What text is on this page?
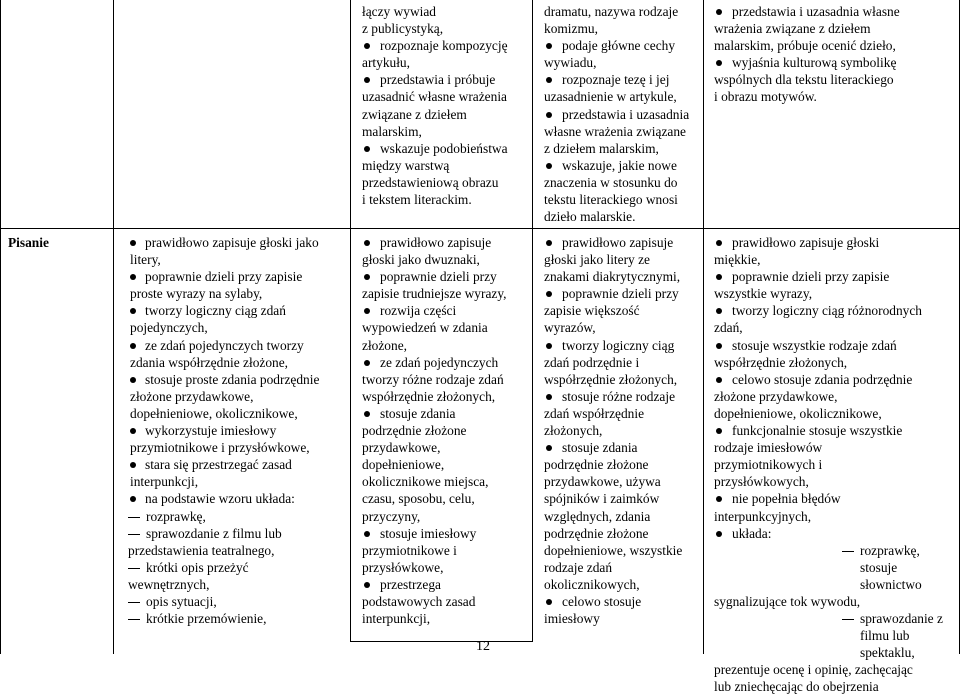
łączy wywiad
z publicystyką,
rozpoznaje kompozycję
artykułu,
przedstawia i próbuje
uzasadnić własne wrażenia
związane z dziełem
malarskim,
wskazuje podobieństwa
między warstwą
przedstawieniową obrazu
i tekstem literackim.
dramatu, nazywa rodzaje
komizmu,
podaje główne cechy
wywiadu,
rozpoznaje tezę i jej
uzasadnienie w artykule,
przedstawia i uzasadnia
własne wrażenia związane
z dziełem malarskim,
wskazuje, jakie nowe
znaczenia w stosunku do
tekstu literackiego wnosi
dzieło malarskie.
przedstawia i uzasadnia własne
wrażenia związane z dziełem
malarskim, próbuje ocenić dzieło,
wyjaśnia kulturową symbolikę
wspólnych dla tekstu literackiego
i obrazu motywów.
Pisanie	prawidłowo zapisuje głoski jako
litery,
poprawnie dzieli przy zapisie
proste wyrazy na sylaby,
tworzy logiczny ciąg zdań
pojedynczych,
ze zdań pojedynczych tworzy
zdania współrzędnie złożone,
stosuje proste zdania podrzędnie
złożone przydawkowe,
dopełnieniowe, okolicznikowe,
wykorzystuje imiesłowy
przymiotnikowe i przysłówkowe,
stara się przestrzegać zasad
interpunkcji,
na podstawie wzoru układa:
rozprawkę,
sprawozdanie z filmu lub
przedstawienia teatralnego,
krótki opis przeżyć
wewnętrznych,
opis sytuacji,
krótkie przemówienie,
prawidłowo zapisuje
głoski jako dwuznaki,
poprawnie dzieli przy
zapisie trudniejsze wyrazy,
rozwija części
wypowiedzeń w zdania
złożone,
ze zdań pojedynczych
tworzy różne rodzaje zdań
współrzędnie złożonych,
stosuje zdania
podrzędnie złożone
przydawkowe,
dopełnieniowe,
okolicznikowe miejsca,
czasu, sposobu, celu,
przyczyny,
stosuje imiesłowy
przymiotnikowe i
przysłówkowe,
przestrzega
podstawowych zasad
interpunkcji,
prawidłowo zapisuje
głoski jako litery ze
znakami diakrytycznymi,
poprawnie dzieli przy
zapisie większość
wyrazów,
tworzy logiczny ciąg
zdań podrzędnie i
współrzędnie złożonych,
stosuje różne rodzaje
zdań współrzędnie
złożonych,
stosuje zdania
podrzędnie złożone
przydawkowe, używa
spójników i zaimków
względnych, zdania
podrzędnie złożone
dopełnieniowe, wszystkie
rodzaje zdań
okolicznikowych,
celowo stosuje
imiesłowy
prawidłowo zapisuje głoski
miękkie,
poprawnie dzieli przy zapisie
wszystkie wyrazy,
tworzy logiczny ciąg różnorodnych
zdań,
stosuje wszystkie rodzaje zdań
współrzędnie złożonych,
celowo stosuje zdania podrzędnie
złożone przydawkowe,
dopełnieniowe, okolicznikowe,
funkcjonalnie stosuje wszystkie
rodzaje imiesłowów
przymiotnikowych i
przysłówkowych,
nie popełnia błędów
interpunkcyjnych,
układa:
rozprawkę, stosuje słownictwo
sygnalizujące tok wywodu,
sprawozdanie z filmu lub spektaklu,
prezentuje ocenę i opinię, zachęcając
lub zniechęcając do obejrzenia
12
